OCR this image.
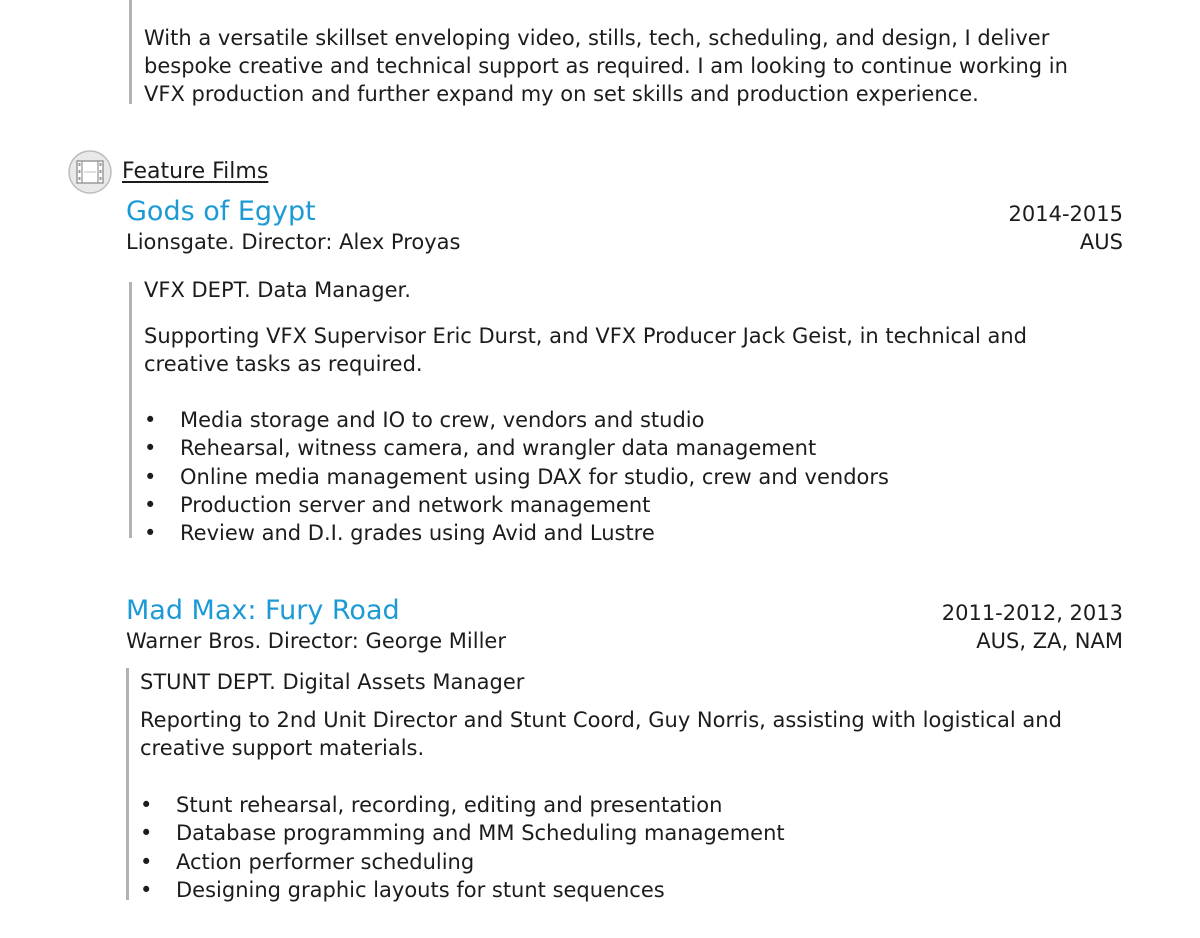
With a versatile skillset enveloping video, stills, tech, scheduling, and design, I deliver
bespoke creative and technical support as required. I am looking to continue working in
VFX production and further expand my on set skills and production experience.

Feature Films
Gods of Egypt
Lionsgate. Director: Alex Proyas
2014-2015
AUS
VFX DEPT. Data Manager.

Supporting VFX Supervisor Eric Durst, and VFX Producer Jack Geist, in technical and
creative tasks as required.

• Media storage and IO to crew, vendors and studio
• Rehearsal, witness camera, and wrangler data management
• Online media management using DAX for studio, crew and vendors
• Production server and network management
• Review and D.I. grades using Avid and Lustre
Mad Max: Fury Road
Warner Bros. Director: George Miller
2011-2012, 2013
AUS, ZA, NAM
STUNT DEPT. Digital Assets Manager

Reporting to 2nd Unit Director and Stunt Coord, Guy Norris, assisting with logistical and
creative support materials.

• Stunt rehearsal, recording, editing and presentation
• Database programming and MM Scheduling management
• Action performer scheduling
• Designing graphic layouts for stunt sequences
